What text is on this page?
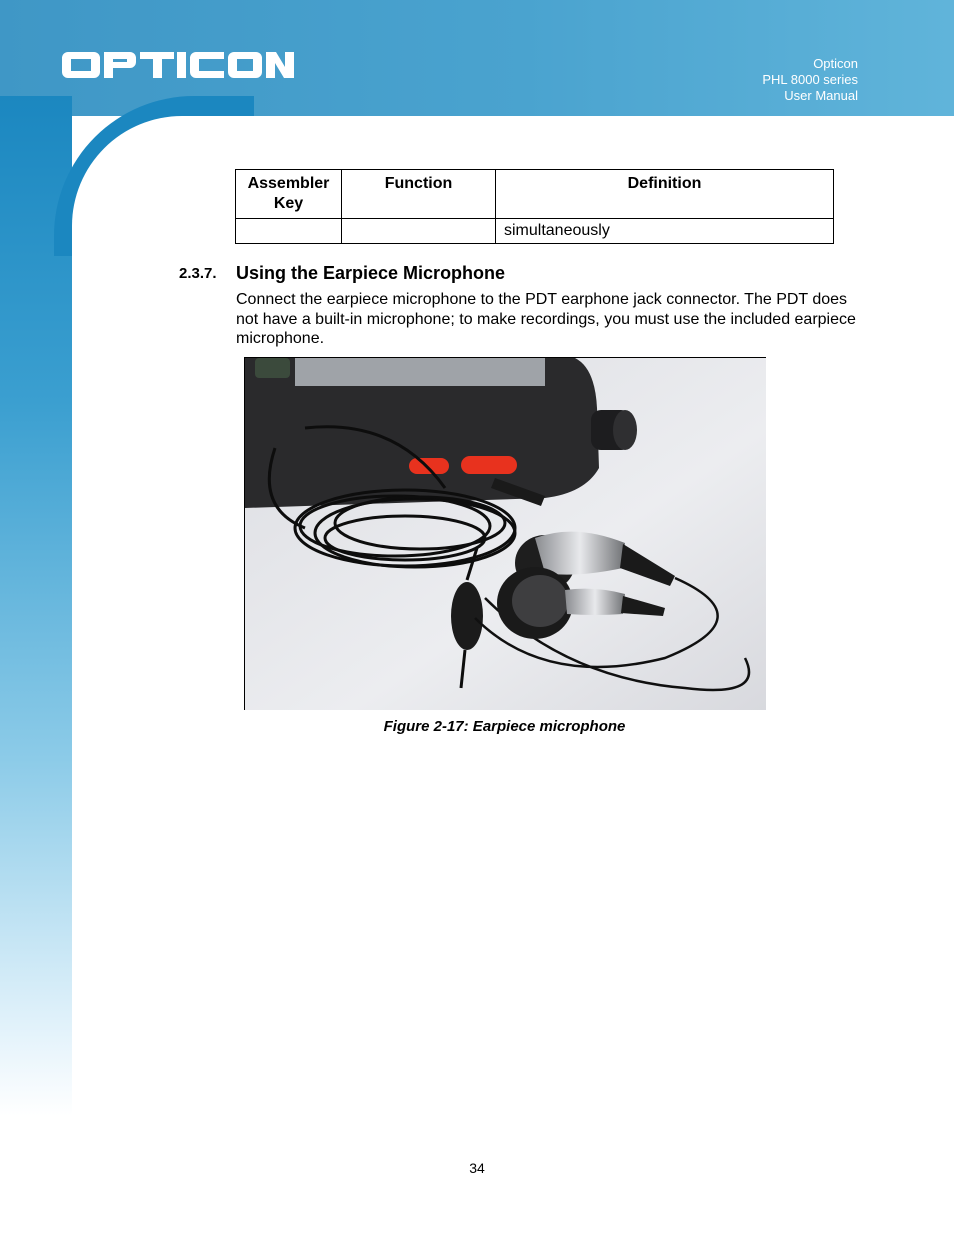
Opticon
PHL 8000 series
User Manual
Assembler Key	Function	Definition
		simultaneously
2.3.7. Using the Earpiece Microphone
Connect the earpiece microphone to the PDT earphone jack connector. The PDT does not have a built-in microphone; to make recordings, you must use the included earpiece microphone.
Figure 2-17: Earpiece microphone
34
